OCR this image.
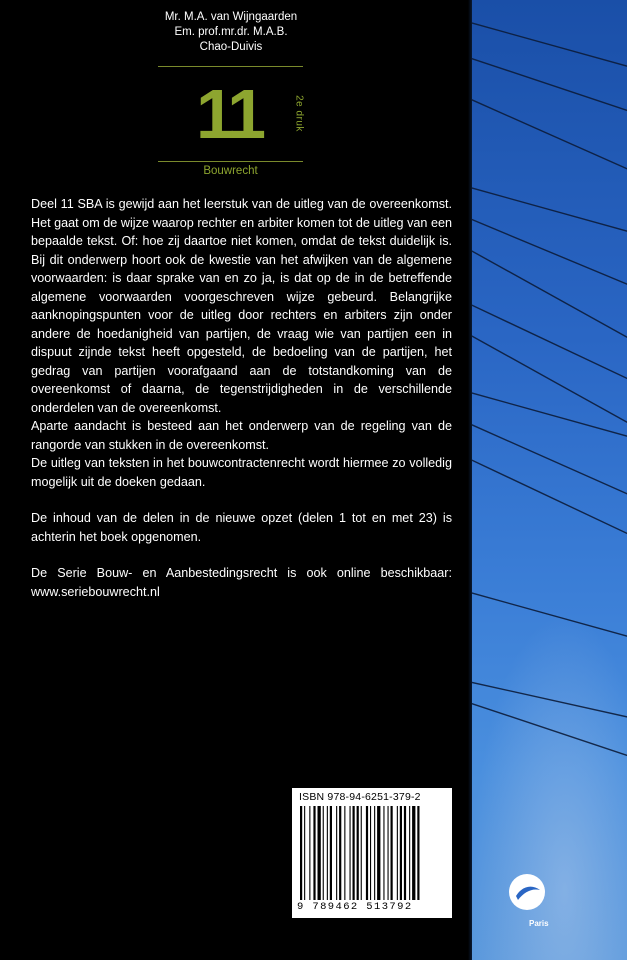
Mr. M.A. van Wijngaarden
Em. prof.mr.dr. M.A.B.
Chao-Duivis
11	2e druk
Bouwrecht

Deel 11 SBA is gewijd aan het leerstuk van de uitleg van de overeenkomst. Het gaat om de wijze waarop rechter en arbiter komen tot de uitleg van een bepaalde tekst. Of: hoe zij daartoe niet komen, omdat de tekst duidelijk is. Bij dit onderwerp hoort ook de kwestie van het afwijken van de algemene voorwaarden: is daar sprake van en zo ja, is dat op de in de betreffende algemene voorwaarden voorgeschreven wijze gebeurd. Belangrijke aanknopingspunten voor de uitleg door rechters en arbiters zijn onder andere de hoedanigheid van partijen, de vraag wie van partijen een in dispuut zijnde tekst heeft opgesteld, de bedoeling van de partijen, het gedrag van partijen voorafgaand aan de totstandkoming van de overeenkomst of daarna, de tegenstrijdigheden in de verschillende onderdelen van de overeenkomst.

Aparte aandacht is besteed aan het onderwerp van de regeling van de rangorde van stukken in de overeenkomst.

De uitleg van teksten in het bouwcontractenrecht wordt hiermee zo volledig mogelijk uit de doeken gedaan.

De inhoud van de delen in de nieuwe opzet (delen 1 tot en met 23) is achterin het boek opgenomen.

De Serie Bouw- en Aanbestedingsrecht is ook online beschikbaar: www.seriebouwrecht.nl

ISBN 978-94-6251-379-2
9 789462 513792
Paris
